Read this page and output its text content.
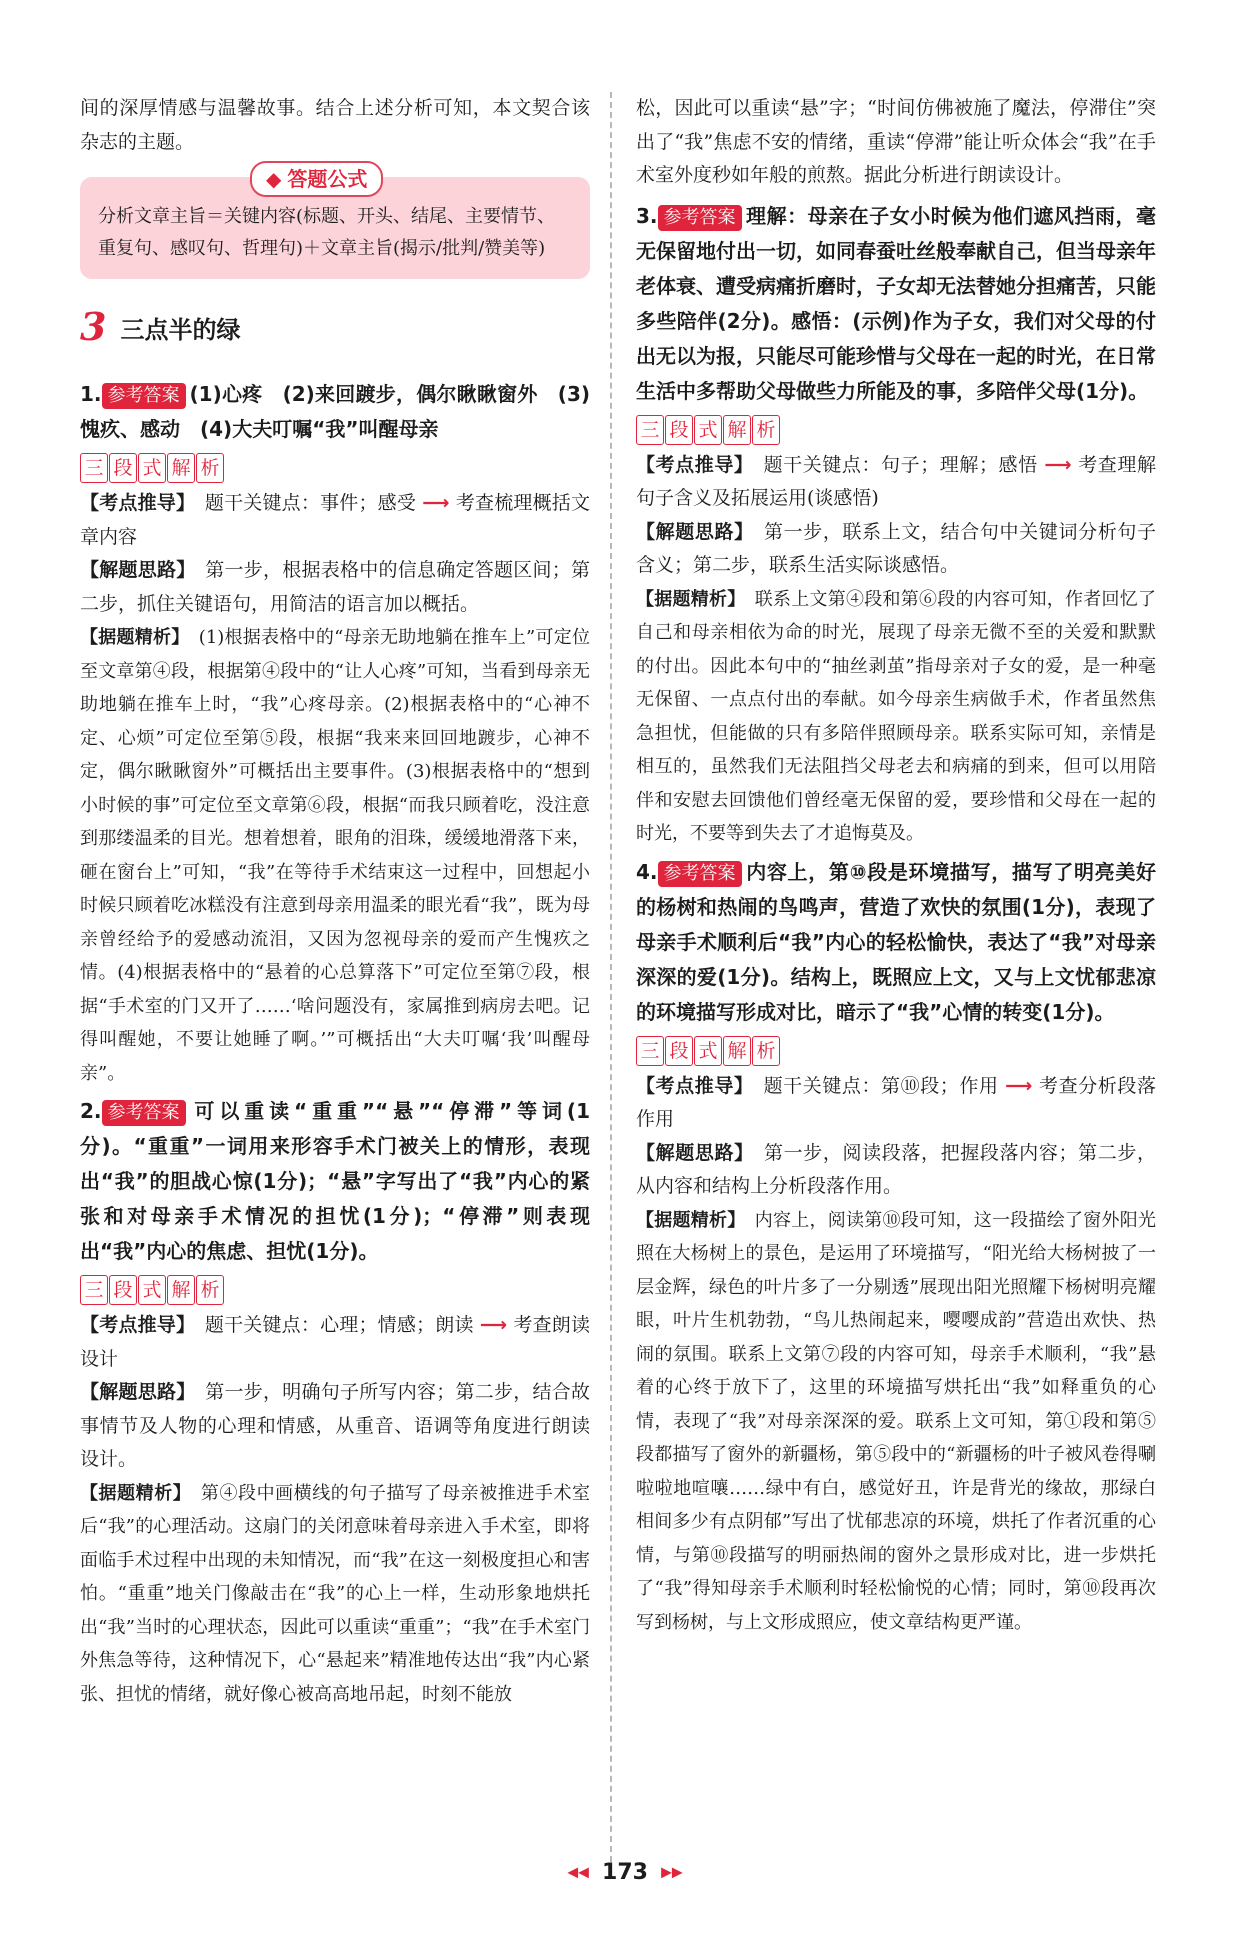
间的深厚情感与温馨故事。结合上述分析可知，本文契合该杂志的主题。

分析文章主旨＝关键内容(标题、开头、结尾、主要情节、重复句、感叹句、哲理句)＋文章主旨(揭示/批判/赞美等)

◆ 答题公式
3 三点半的绿

1. 参考答案 (1)心疼　(2)来回踱步，偶尔瞅瞅窗外　(3)愧疚、感动　(4)大夫叮嘱“我”叫醒母亲

三 段 式 解 析

【考点推导】　 题干关键点：事件；感受 ⟶ 考查梳理概括文章内容

【解题思路】　 第一步，根据表格中的信息确定答题区间；第二步，抓住关键语句，用简洁的语言加以概括。

【据题精析】　 (1)根据表格中的“母亲无助地躺在推车上”可定位至文章第④段，根据第④段中的“让人心疼”可知，当看到母亲无助地躺在推车上时，“我”心疼母亲。(2)根据表格中的“心神不定、心烦”可定位至第⑤段，根据“我来来回回地踱步，心神不定，偶尔瞅瞅窗外”可概括出主要事件。(3)根据表格中的“想到小时候的事”可定位至文章第⑥段，根据“而我只顾着吃，没注意到那缕温柔的目光。想着想着，眼角的泪珠，缓缓地滑落下来，砸在窗台上”可知，“我”在等待手术结束这一过程中，回想起小时候只顾着吃冰糕没有注意到母亲用温柔的眼光看“我”，既为母亲曾经给予的爱感动流泪，又因为忽视母亲的爱而产生愧疚之情。(4)根据表格中的“悬着的心总算落下”可定位至第⑦段，根据“手术室的门又开了……‘啥问题没有，家属推到病房去吧。记得叫醒她，不要让她睡了啊。’”可概括出“大夫叮嘱‘我’叫醒母亲”。

2. 参考答案 可以重读“重重”“悬”“停滞”等词(1分)。“重重”一词用来形容手术门被关上的情形，表现出“我”的胆战心惊(1分)；“悬”字写出了“我”内心的紧张和对母亲手术情况的担忧(1分)；“停滞”则表现出“我”内心的焦虑、担忧(1分)。

三 段 式 解 析

【考点推导】　 题干关键点：心理；情感；朗读 ⟶ 考查朗读设计

【解题思路】　 第一步，明确句子所写内容；第二步，结合故事情节及人物的心理和情感，从重音、语调等角度进行朗读设计。

【据题精析】　 第④段中画横线的句子描写了母亲被推进手术室后“我”的心理活动。这扇门的关闭意味着母亲进入手术室，即将面临手术过程中出现的未知情况，而“我”在这一刻极度担心和害怕。“重重”地关门像敲击在“我”的心上一样，生动形象地烘托出“我”当时的心理状态，因此可以重读“重重”；“我”在手术室门外焦急等待，这种情况下，心“悬起来”精准地传达出“我”内心紧张、担忧的情绪，就好像心被高高地吊起，时刻不能放

松，因此可以重读“悬”字；“时间仿佛被施了魔法，停滞住”突出了“我”焦虑不安的情绪，重读“停滞”能让听众体会“我”在手术室外度秒如年般的煎熬。据此分析进行朗读设计。

3. 参考答案 理解：母亲在子女小时候为他们遮风挡雨，毫无保留地付出一切，如同春蚕吐丝般奉献自己，但当母亲年老体衰、遭受病痛折磨时，子女却无法替她分担痛苦，只能多些陪伴(2分)。感悟：(示例)作为子女，我们对父母的付出无以为报，只能尽可能珍惜与父母在一起的时光，在日常生活中多帮助父母做些力所能及的事，多陪伴父母(1分)。

三 段 式 解 析

【考点推导】　 题干关键点：句子；理解；感悟 ⟶ 考查理解句子含义及拓展运用(谈感悟)

【解题思路】　 第一步，联系上文，结合句中关键词分析句子含义；第二步，联系生活实际谈感悟。

【据题精析】　 联系上文第④段和第⑥段的内容可知，作者回忆了自己和母亲相依为命的时光，展现了母亲无微不至的关爱和默默的付出。因此本句中的“抽丝剥茧”指母亲对子女的爱，是一种毫无保留、一点点付出的奉献。如今母亲生病做手术，作者虽然焦急担忧，但能做的只有多陪伴照顾母亲。联系实际可知，亲情是相互的，虽然我们无法阻挡父母老去和病痛的到来，但可以用陪伴和安慰去回馈他们曾经毫无保留的爱，要珍惜和父母在一起的时光，不要等到失去了才追悔莫及。

4. 参考答案 内容上，第⑩段是环境描写，描写了明亮美好的杨树和热闹的鸟鸣声，营造了欢快的氛围(1分)，表现了母亲手术顺利后“我”内心的轻松愉快，表达了“我”对母亲深深的爱(1分)。结构上，既照应上文，又与上文忧郁悲凉的环境描写形成对比，暗示了“我”心情的转变(1分)。

三 段 式 解 析

【考点推导】　 题干关键点：第⑩段；作用 ⟶ 考查分析段落作用

【解题思路】　 第一步，阅读段落，把握段落内容；第二步，从内容和结构上分析段落作用。

【据题精析】　 内容上，阅读第⑩段可知，这一段描绘了窗外阳光照在大杨树上的景色，是运用了环境描写，“阳光给大杨树披了一层金辉，绿色的叶片多了一分剔透”展现出阳光照耀下杨树明亮耀眼，叶片生机勃勃，“鸟儿热闹起来，嘤嘤成韵”营造出欢快、热闹的氛围。联系上文第⑦段的内容可知，母亲手术顺利，“我”悬着的心终于放下了，这里的环境描写烘托出“我”如释重负的心情，表现了“我”对母亲深深的爱。联系上文可知，第①段和第⑤段都描写了窗外的新疆杨，第⑤段中的“新疆杨的叶子被风卷得唰啦啦地喧嚷……绿中有白，感觉好丑，许是背光的缘故，那绿白相间多少有点阴郁”写出了忧郁悲凉的环境，烘托了作者沉重的心情，与第⑩段描写的明丽热闹的窗外之景形成对比，进一步烘托了“我”得知母亲手术顺利时轻松愉悦的心情；同时，第⑩段再次写到杨树，与上文形成照应，使文章结构更严谨。

◀◀ 173 ▶▶
